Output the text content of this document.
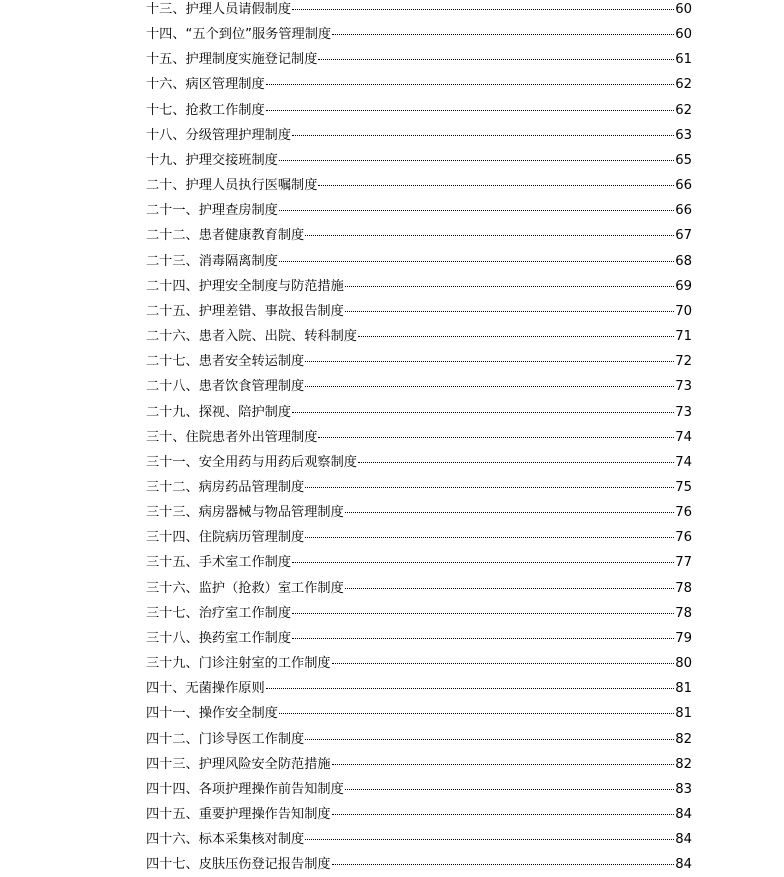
十三、护理人员请假制度	60
十四、“五个到位”服务管理制度	60
十五、护理制度实施登记制度	61
十六、病区管理制度	62
十七、抢救工作制度	62
十八、分级管理护理制度	63
十九、护理交接班制度	65
二十、护理人员执行医嘱制度	66
二十一、护理查房制度	66
二十二、患者健康教育制度	67
二十三、消毒隔离制度	68
二十四、护理安全制度与防范措施	69
二十五、护理差错、事故报告制度	70
二十六、患者入院、出院、转科制度	71
二十七、患者安全转运制度	72
二十八、患者饮食管理制度	73
二十九、探视、陪护制度	73
三十、住院患者外出管理制度	74
三十一、安全用药与用药后观察制度	74
三十二、病房药品管理制度	75
三十三、病房器械与物品管理制度	76
三十四、住院病历管理制度	76
三十五、手术室工作制度	77
三十六、监护（抢救）室工作制度	78
三十七、治疗室工作制度	78
三十八、换药室工作制度	79
三十九、门诊注射室的工作制度	80
四十、无菌操作原则	81
四十一、操作安全制度	81
四十二、门诊导医工作制度	82
四十三、护理风险安全防范措施	82
四十四、各项护理操作前告知制度	83
四十五、重要护理操作告知制度	84
四十六、标本采集核对制度	84
四十七、皮肤压伤登记报告制度	84
